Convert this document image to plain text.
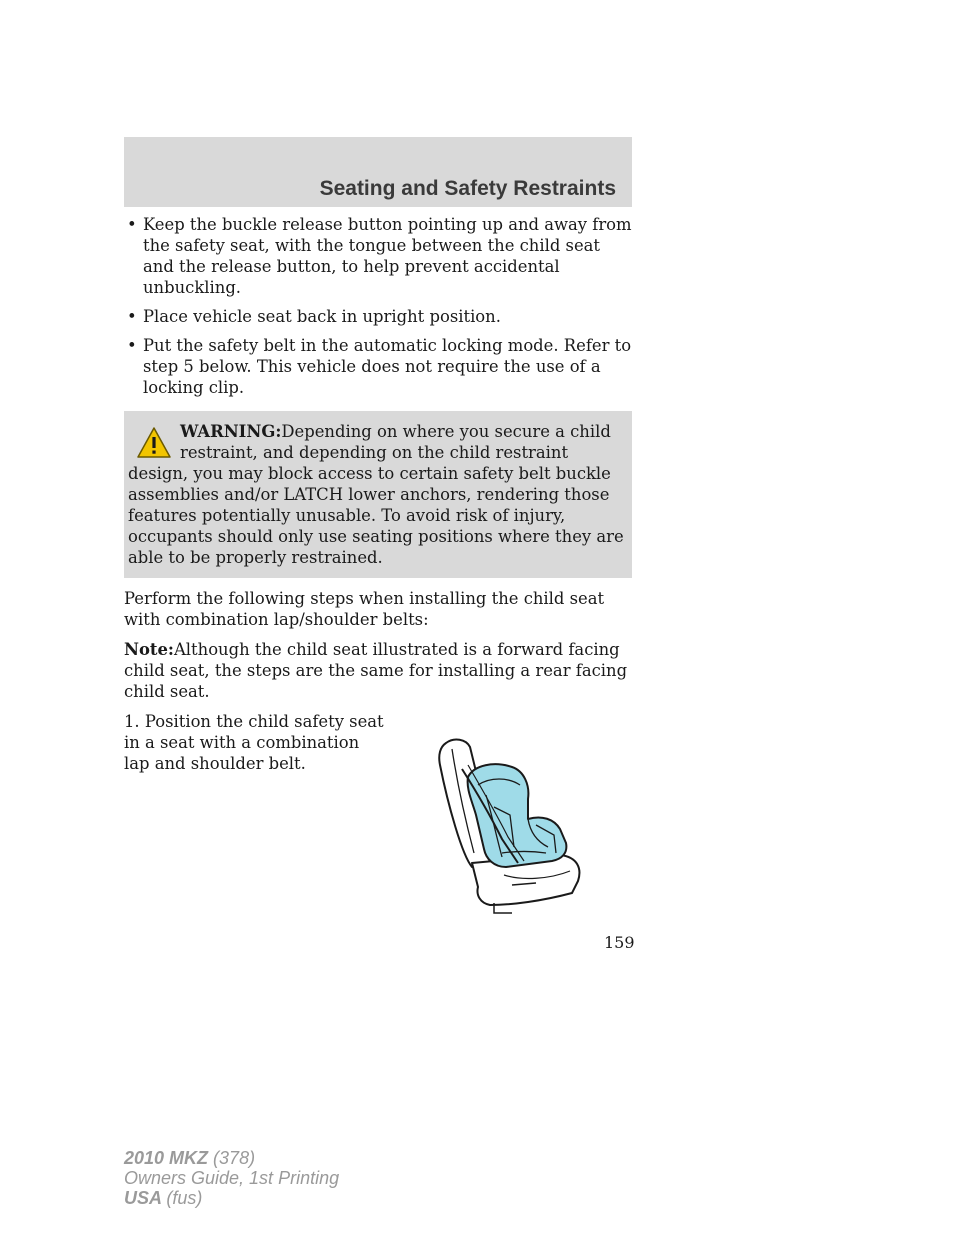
Seating and Safety Restraints
• Keep the buckle release button pointing up and away from the safety seat, with the tongue between the child seat and the release button, to help prevent accidental unbuckling.
• Place vehicle seat back in upright position.
• Put the safety belt in the automatic locking mode. Refer to step 5 below. This vehicle does not require the use of a locking clip.

WARNING:Depending on where you secure a child restraint, and depending on the child restraint design, you may block access to certain safety belt buckle assemblies and/or LATCH lower anchors, rendering those features potentially unusable. To avoid risk of injury, occupants should only use seating positions where they are able to be properly restrained.

Perform the following steps when installing the child seat with combination lap/shoulder belts:

Note:Although the child seat illustrated is a forward facing child seat, the steps are the same for installing a rear facing child seat.

1. Position the child safety seat in a seat with a combination lap and shoulder belt.

159
2010 MKZ (378)
Owners Guide, 1st Printing
USA (fus)
